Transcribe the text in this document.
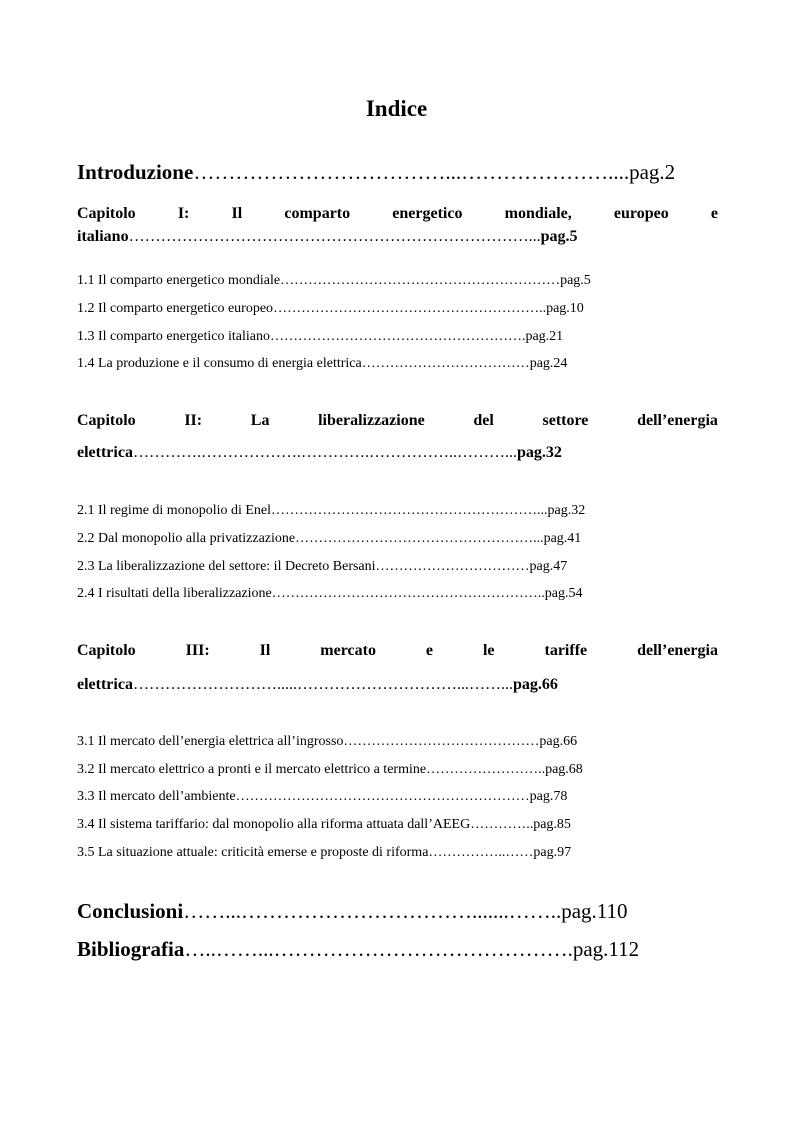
Indice
Introduzione………………………………...…………………....pag.2
Capitolo	I:	Il	comparto	energetico	mondiale,	europeo	e
italiano…………………………………………………………………...pag.5
1.1 Il comparto energetico mondiale……………………………………………………pag.5
1.2 Il comparto energetico europeo…………………………………………………..pag.10
1.3 Il comparto energetico italiano……………………………………………….pag.21
1.4 La produzione e il consumo di energia elettrica………………………………pag.24
Capitolo	II:	La	liberalizzazione	del	settore	dell’energia
elettrica………….……………….………….……………..………...pag.32
2.1 Il regime di monopolio di Enel…………………………………………………...pag.32
2.2 Dal monopolio alla privatizzazione……………………………………………...pag.41
2.3 La liberalizzazione del settore: il Decreto Bersani……………………………pag.47
2.4 I risultati della liberalizzazione…………………………………………………..pag.54
Capitolo	III:	Il	mercato	e	le	tariffe	dell’energia
elettrica……………………….....…………………………...……...pag.66
3.1 Il mercato dell’energia elettrica all’ingrosso……………………………………pag.66
3.2 Il mercato elettrico a pronti e il mercato elettrico a termine……………………..pag.68
3.3 Il mercato dell’ambiente………………………………………………………pag.78
3.4 Il sistema tariffario: dal monopolio alla riforma attuata dall’AEEG…………..pag.85
3.5 La situazione attuale: criticità emerse e proposte di riforma……………..……pag.97
Conclusioni……...…………………………….......……..pag.110
Bibliografia…..……...…………………………………….pag.112
